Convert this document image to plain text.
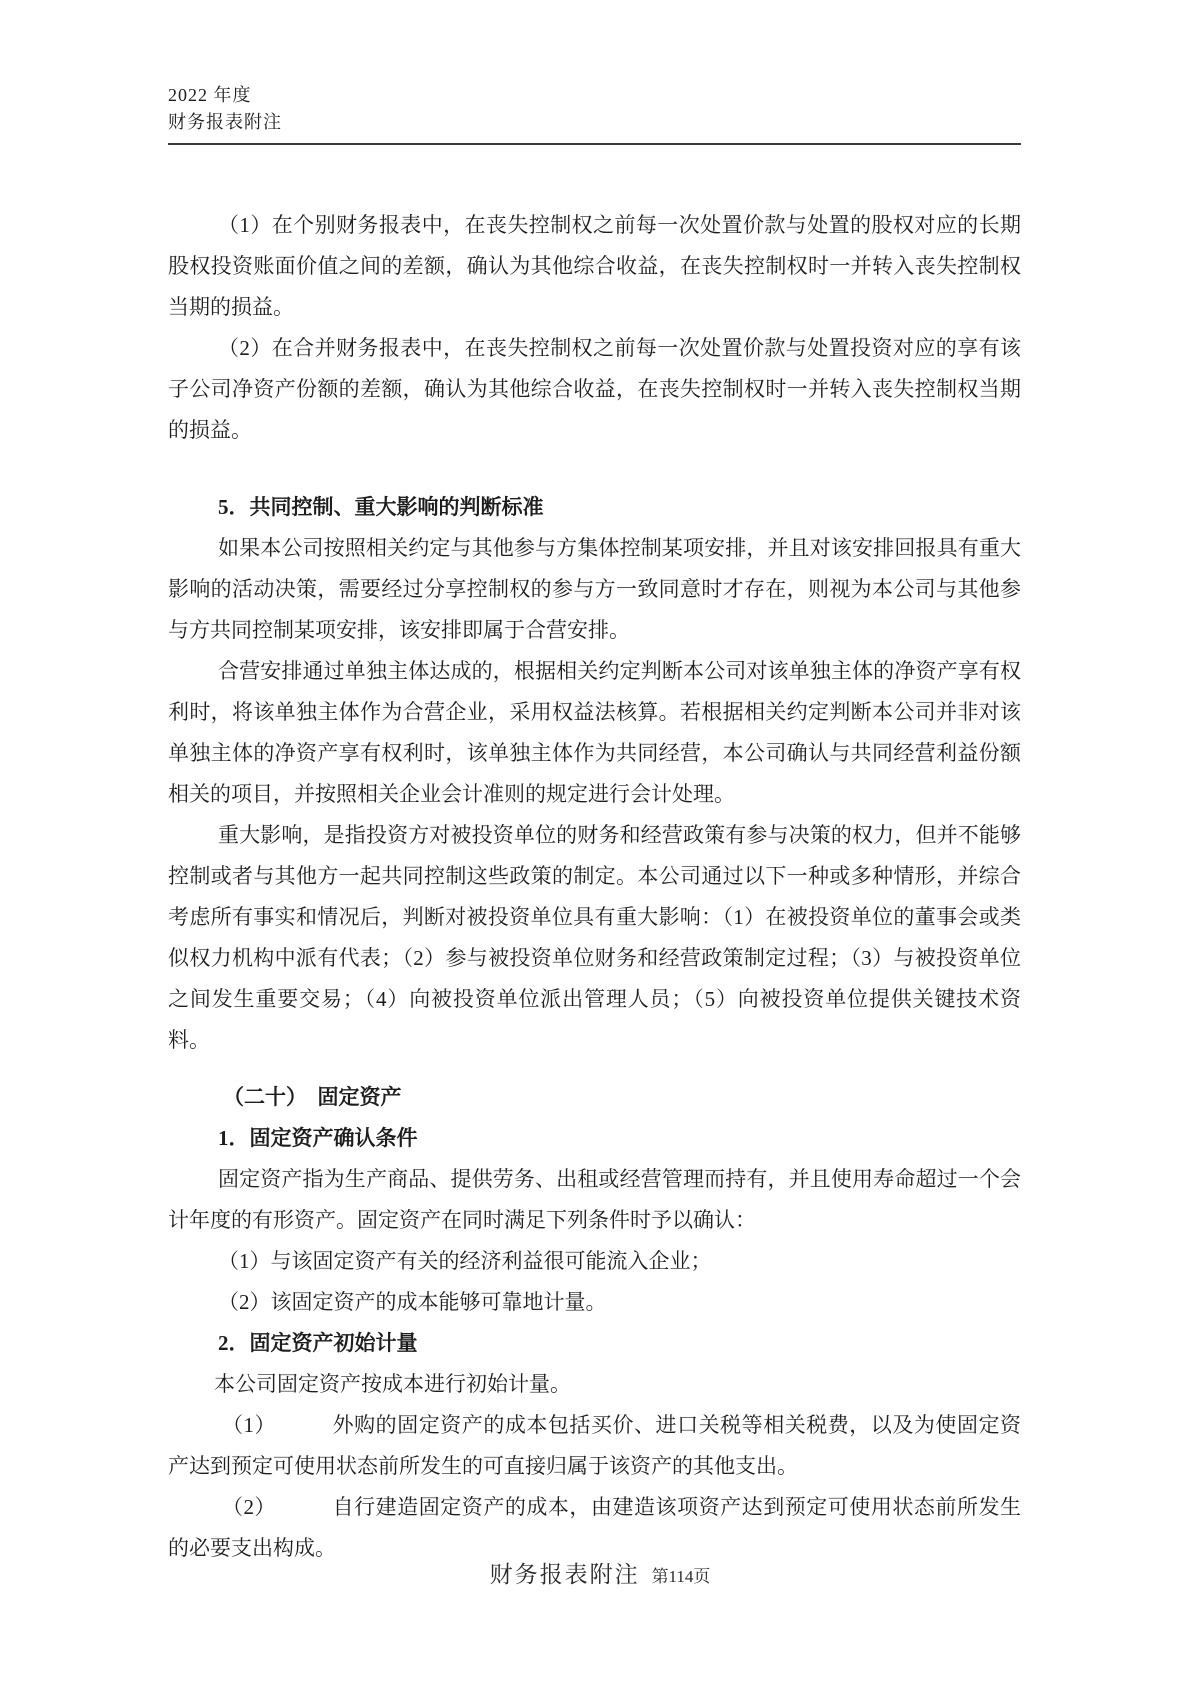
2022 年度
财务报表附注

（1）在个别财务报表中，在丧失控制权之前每一次处置价款与处置的股权对应的长期股权投资账面价值之间的差额，确认为其他综合收益，在丧失控制权时一并转入丧失控制权当期的损益。

（2）在合并财务报表中，在丧失控制权之前每一次处置价款与处置投资对应的享有该子公司净资产份额的差额，确认为其他综合收益，在丧失控制权时一并转入丧失控制权当期的损益。

5．共同控制、重大影响的判断标准

如果本公司按照相关约定与其他参与方集体控制某项安排，并且对该安排回报具有重大影响的活动决策，需要经过分享控制权的参与方一致同意时才存在，则视为本公司与其他参与方共同控制某项安排，该安排即属于合营安排。

合营安排通过单独主体达成的，根据相关约定判断本公司对该单独主体的净资产享有权利时，将该单独主体作为合营企业，采用权益法核算。若根据相关约定判断本公司并非对该单独主体的净资产享有权利时，该单独主体作为共同经营，本公司确认与共同经营利益份额相关的项目，并按照相关企业会计准则的规定进行会计处理。

重大影响，是指投资方对被投资单位的财务和经营政策有参与决策的权力，但并不能够控制或者与其他方一起共同控制这些政策的制定。本公司通过以下一种或多种情形，并综合考虑所有事实和情况后，判断对被投资单位具有重大影响：（1）在被投资单位的董事会或类似权力机构中派有代表；（2）参与被投资单位财务和经营政策制定过程；（3）与被投资单位之间发生重要交易；（4）向被投资单位派出管理人员；（5）向被投资单位提供关键技术资料。

（二十）　固定资产

1．固定资产确认条件

固定资产指为生产商品、提供劳务、出租或经营管理而持有，并且使用寿命超过一个会计年度的有形资产。固定资产在同时满足下列条件时予以确认：

（1）与该固定资产有关的经济利益很可能流入企业；

（2）该固定资产的成本能够可靠地计量。

2．固定资产初始计量

本公司固定资产按成本进行初始计量。

（1）	外购的固定资产的成本包括买价、进口关税等相关税费，以及为使固定资产达到预定可使用状态前所发生的可直接归属于该资产的其他支出。

（2）	自行建造固定资产的成本，由建造该项资产达到预定可使用状态前所发生的必要支出构成。

财务报表附注 第114页
